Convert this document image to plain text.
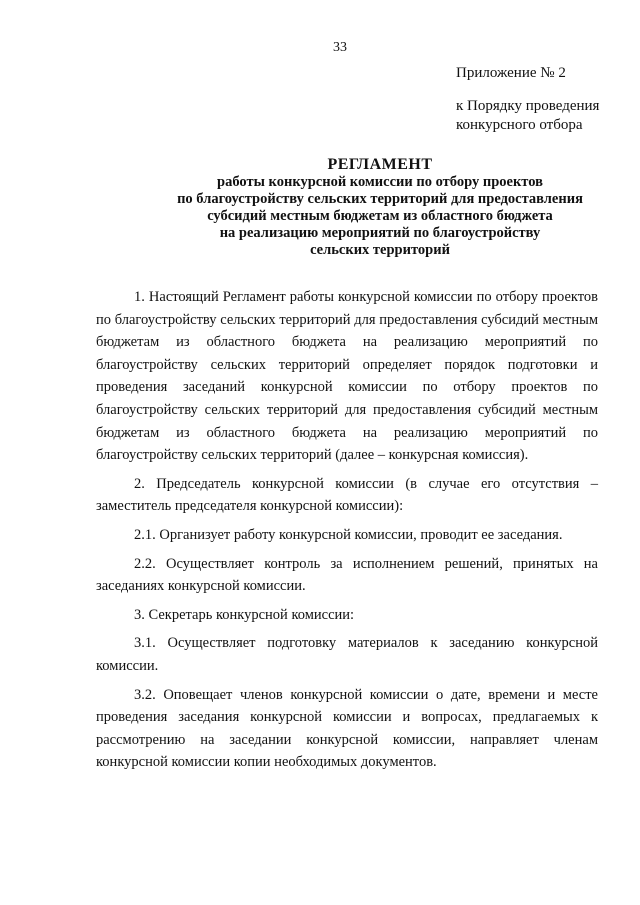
33
Приложение № 2
к Порядку проведения
конкурсного отбора
РЕГЛАМЕНТ
работы конкурсной комиссии по отбору проектов
по благоустройству сельских территорий для предоставления
субсидий местным бюджетам из областного бюджета
на реализацию мероприятий по благоустройству
сельских территорий

1. Настоящий Регламент работы конкурсной комиссии по отбору проектов по благоустройству сельских территорий для предоставления субсидий местным бюджетам из областного бюджета на реализацию мероприятий по благоустройству сельских территорий определяет порядок подготовки и проведения заседаний конкурсной комиссии по отбору проектов по благоустройству сельских территорий для предоставления субсидий местным бюджетам из областного бюджета на реализацию мероприятий по благоустройству сельских территорий (далее – конкурсная комиссия).

2. Председатель конкурсной комиссии (в случае его отсутствия – заместитель председателя конкурсной комиссии):

2.1. Организует работу конкурсной комиссии, проводит ее заседания.

2.2. Осуществляет контроль за исполнением решений, принятых на заседаниях конкурсной комиссии.

3. Секретарь конкурсной комиссии:

3.1. Осуществляет подготовку материалов к заседанию конкурсной комиссии.

3.2. Оповещает членов конкурсной комиссии о дате, времени и месте проведения заседания конкурсной комиссии и вопросах, предлагаемых к рассмотрению на заседании конкурсной комиссии, направляет членам конкурсной комиссии копии необходимых документов.
